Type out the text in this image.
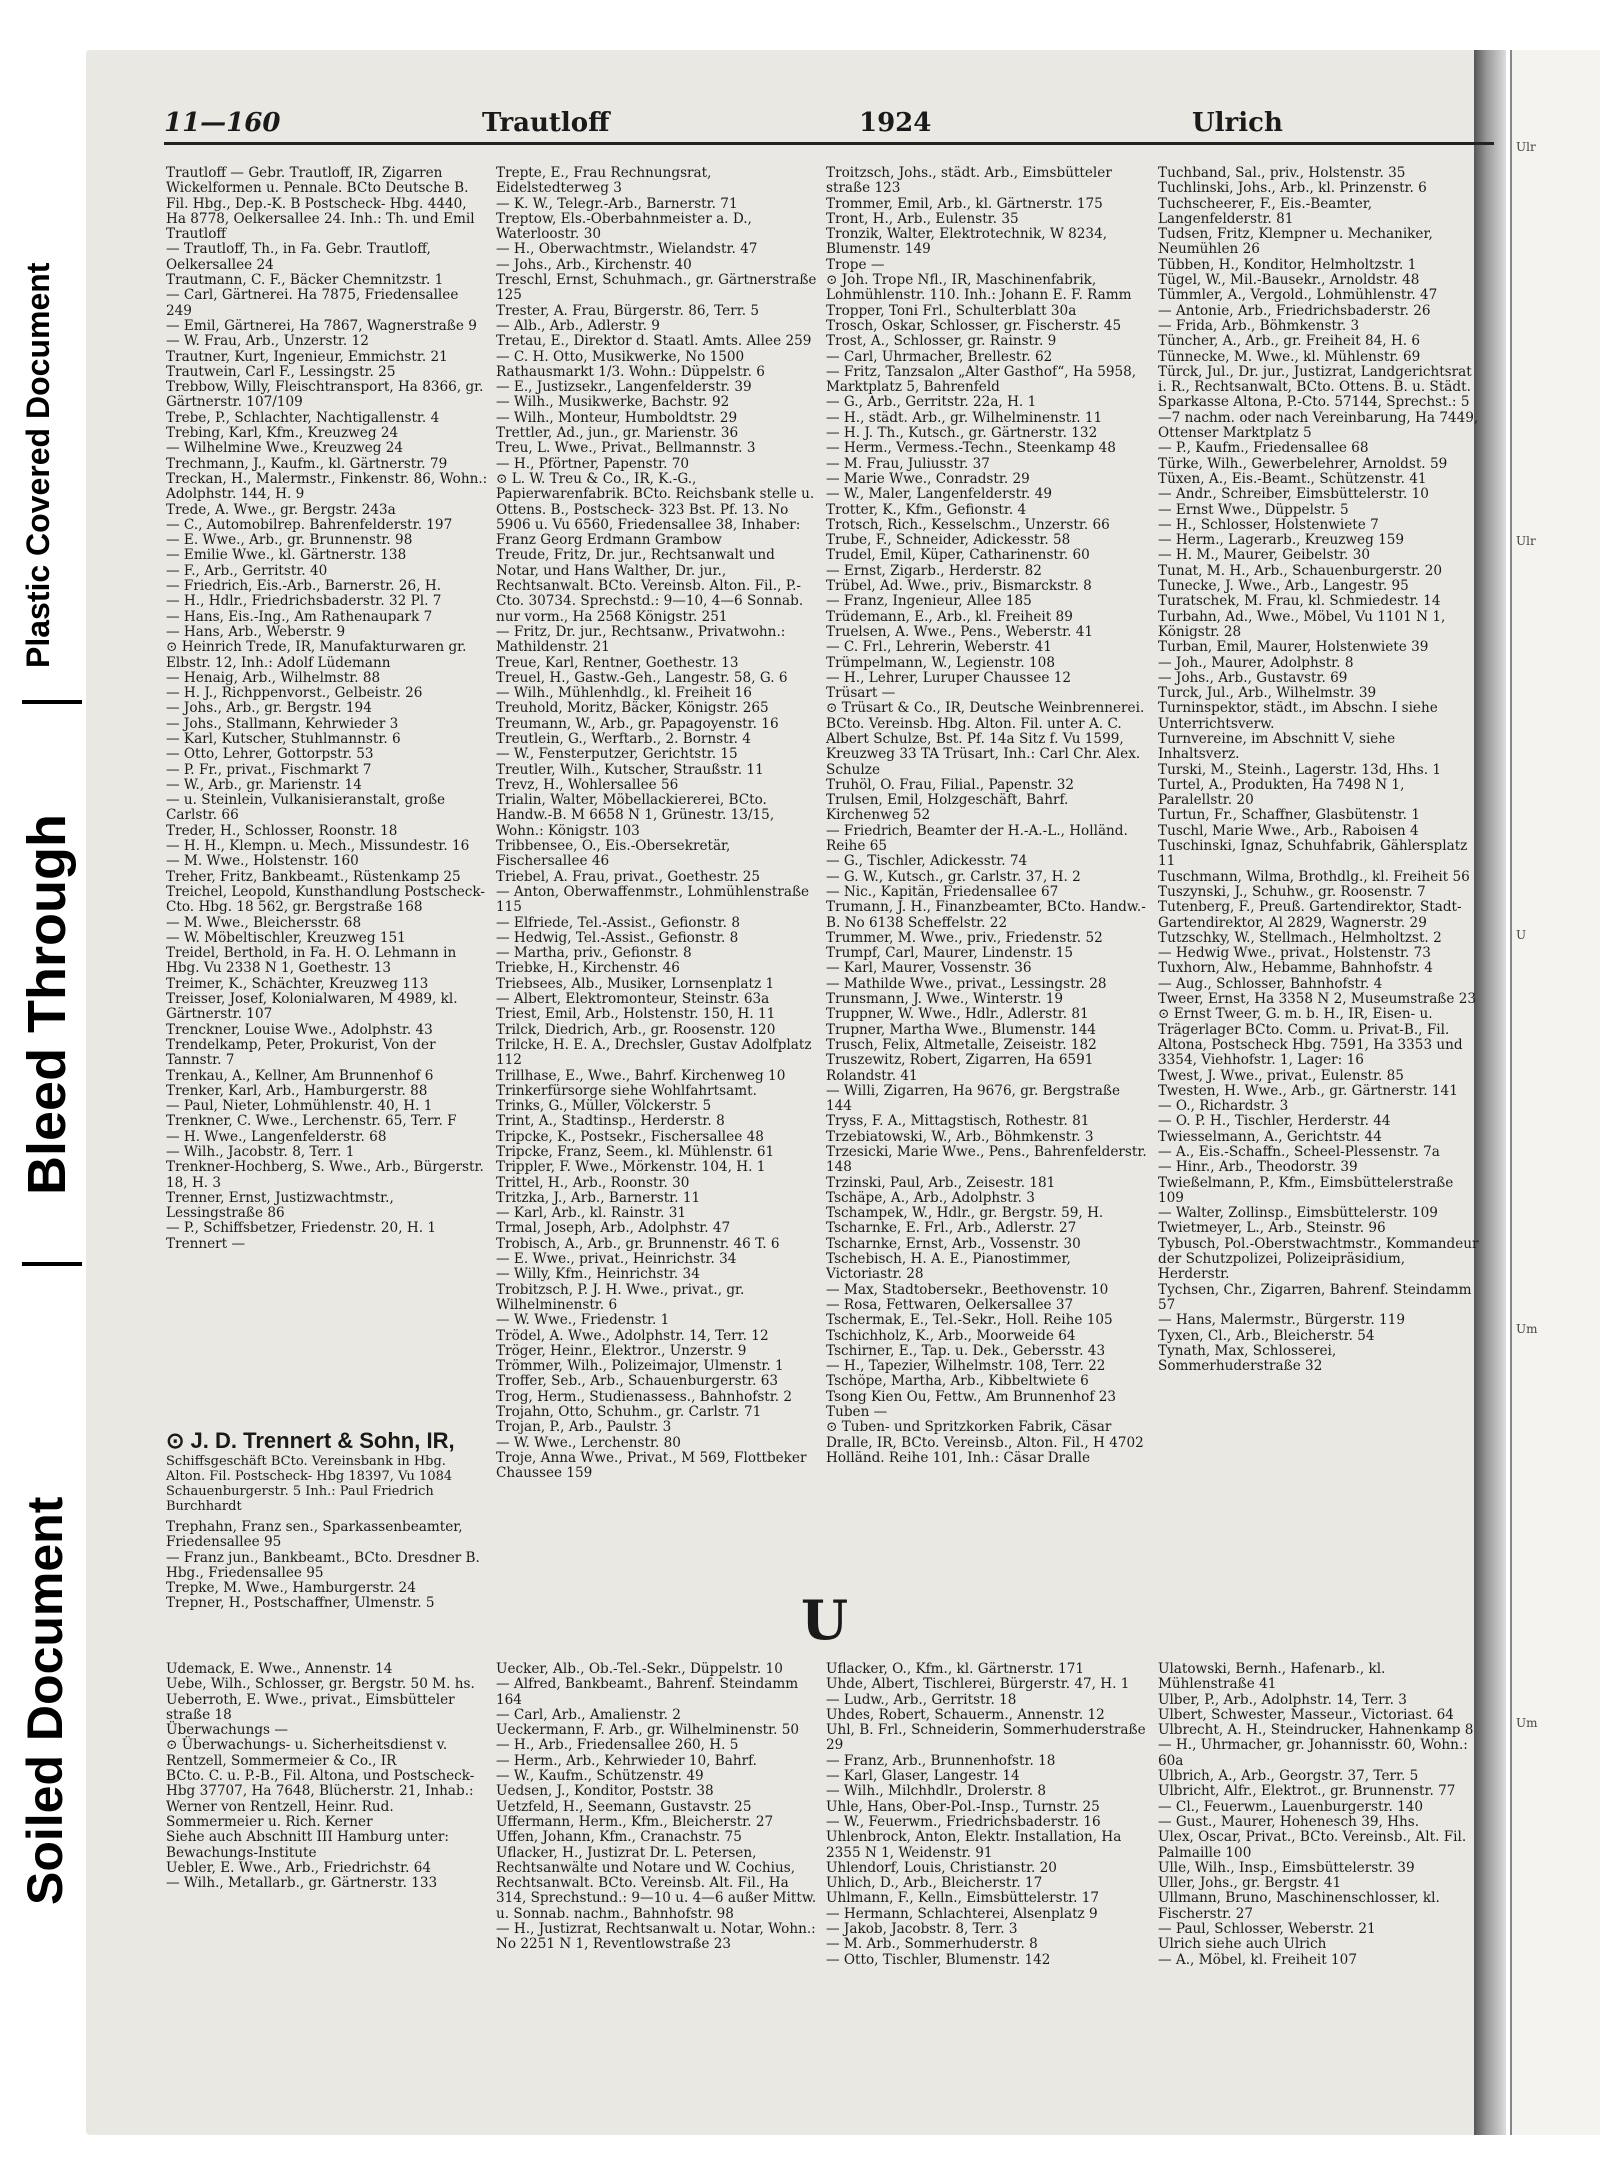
Soiled Document
Bleed Through
Plastic Covered Document
11—160	Trautloff	1924	Ulrich

Trautloff — Gebr. Trautloff, IR, Zigarren Wickelformen u. Pennale. BCto Deutsche B. Fil. Hbg., Dep.-K. B Postscheck- Hbg. 4440, Ha 8778, Oelkersallee 24. Inh.: Th. und Emil Trautloff

— Trautloff, Th., in Fa. Gebr. Trautloff, Oelkersallee 24

Trautmann, C. F., Bäcker Chemnitzstr. 1

— Carl, Gärtnerei. Ha 7875, Friedensallee 249

— Emil, Gärtnerei, Ha 7867, Wagnerstraße 9

— W. Frau, Arb., Unzerstr. 12

Trautner, Kurt, Ingenieur, Emmichstr. 21

Trautwein, Carl F., Lessingstr. 25

Trebbow, Willy, Fleischtransport, Ha 8366, gr. Gärtnerstr. 107/109

Trebe, P., Schlachter, Nachtigallenstr. 4

Trebing, Karl, Kfm., Kreuzweg 24

— Wilhelmine Wwe., Kreuzweg 24

Trechmann, J., Kaufm., kl. Gärtnerstr. 79

Treckan, H., Malermstr., Finkenstr. 86, Wohn.: Adolphstr. 144, H. 9

Trede, A. Wwe., gr. Bergstr. 243a

— C., Automobilrep. Bahrenfelderstr. 197

— E. Wwe., Arb., gr. Brunnenstr. 98

— Emilie Wwe., kl. Gärtnerstr. 138

— F., Arb., Gerritstr. 40

— Friedrich, Eis.-Arb., Barnerstr. 26, H.

— H., Hdlr., Friedrichsbaderstr. 32 Pl. 7

— Hans, Eis.-Ing., Am Rathenaupark 7

— Hans, Arb., Weberstr. 9

⊙ Heinrich Trede, IR, Manufakturwaren gr. Elbstr. 12, Inh.: Adolf Lüdemann

— Henaig, Arb., Wilhelmstr. 88

— H. J., Richppenvorst., Gelbeistr. 26

— Johs., Arb., gr. Bergstr. 194

— Johs., Stallmann, Kehrwieder 3

— Karl, Kutscher, Stuhlmannstr. 6

— Otto, Lehrer, Gottorpstr. 53

— P. Fr., privat., Fischmarkt 7

— W., Arb., gr. Marienstr. 14

— u. Steinlein, Vulkanisieranstalt, große Carlstr. 66

Treder, H., Schlosser, Roonstr. 18

— H. H., Klempn. u. Mech., Missundestr. 16

— M. Wwe., Holstenstr. 160

Treher, Fritz, Bankbeamt., Rüstenkamp 25

Treichel, Leopold, Kunsthandlung Postscheck-Cto. Hbg. 18 562, gr. Bergstraße 168

— M. Wwe., Bleichersstr. 68

— W. Möbeltischler, Kreuzweg 151

Treidel, Berthold, in Fa. H. O. Lehmann in Hbg. Vu 2338 N 1, Goethestr. 13

Treimer, K., Schächter, Kreuzweg 113

Treisser, Josef, Kolonialwaren, M 4989, kl. Gärtnerstr. 107

Trenckner, Louise Wwe., Adolphstr. 43

Trendelkamp, Peter, Prokurist, Von der Tannstr. 7

Trenkau, A., Kellner, Am Brunnenhof 6

Trenker, Karl, Arb., Hamburgerstr. 88

— Paul, Nieter, Lohmühlenstr. 40, H. 1

Trenkner, C. Wwe., Lerchenstr. 65, Terr. F

— H. Wwe., Langenfelderstr. 68

— Wilh., Jacobstr. 8, Terr. 1

Trenkner-Hochberg, S. Wwe., Arb., Bürgerstr. 18, H. 3

Trenner, Ernst, Justizwachtmstr., Lessingstraße 86

— P., Schiffsbetzer, Friedenstr. 20, H. 1

Trennert —

Trepte, E., Frau Rechnungsrat, Eidelstedterweg 3

— K. W., Telegr.-Arb., Barnerstr. 71

Treptow, Els.-Oberbahnmeister a. D., Waterloostr. 30

— H., Oberwachtmstr., Wielandstr. 47

— Johs., Arb., Kirchenstr. 40

Treschl, Ernst, Schuhmach., gr. Gärtnerstraße 125

Trester, A. Frau, Bürgerstr. 86, Terr. 5

— Alb., Arb., Adlerstr. 9

Tretau, E., Direktor d. Staatl. Amts. Allee 259

— C. H. Otto, Musikwerke, No 1500 Rathausmarkt 1/3. Wohn.: Düppelstr. 6

— E., Justizsekr., Langenfelderstr. 39

— Wilh., Musikwerke, Bachstr. 92

— Wilh., Monteur, Humboldtstr. 29

Trettler, Ad., jun., gr. Marienstr. 36

Treu, L. Wwe., Privat., Bellmannstr. 3

— H., Pförtner, Papenstr. 70

⊙ L. W. Treu & Co., IR, K.-G., Papierwarenfabrik. BCto. Reichsbank stelle u. Ottens. B., Postscheck- 323 Bst. Pf. 13. No 5906 u. Vu 6560, Friedensallee 38, Inhaber: Franz Georg Erdmann Grambow

Treude, Fritz, Dr. jur., Rechtsanwalt und Notar, und Hans Walther, Dr. jur., Rechtsanwalt. BCto. Vereinsb. Alton. Fil., P.-Cto. 30734. Sprechstd.: 9—10, 4—6 Sonnab. nur vorm., Ha 2568 Königstr. 251

— Fritz, Dr. jur., Rechtsanw., Privatwohn.: Mathildenstr. 21

Treue, Karl, Rentner, Goethestr. 13

Treuel, H., Gastw.-Geh., Langestr. 58, G. 6

— Wilh., Mühlenhdlg., kl. Freiheit 16

Treuhold, Moritz, Bäcker, Königstr. 265

Treumann, W., Arb., gr. Papagoyenstr. 16

Treutlein, G., Werftarb., 2. Bornstr. 4

— W., Fensterputzer, Gerichtstr. 15

Treutler, Wilh., Kutscher, Straußstr. 11

Trevz, H., Wohlersallee 56

Trialin, Walter, Möbellackiererei, BCto. Handw.-B. M 6658 N 1, Grünestr. 13/15, Wohn.: Königstr. 103

Tribbensee, O., Eis.-Obersekretär, Fischersallee 46

Triebel, A. Frau, privat., Goethestr. 25

— Anton, Oberwaffenmstr., Lohmühlenstraße 115

— Elfriede, Tel.-Assist., Gefionstr. 8

— Hedwig, Tel.-Assist., Gefionstr. 8

— Martha, priv., Gefionstr. 8

Triebke, H., Kirchenstr. 46

Triebsees, Alb., Musiker, Lornsenplatz 1

— Albert, Elektromonteur, Steinstr. 63a

Triest, Emil, Arb., Holstenstr. 150, H. 11

Trilck, Diedrich, Arb., gr. Roosenstr. 120

Trilcke, H. E. A., Drechsler, Gustav Adolfplatz 112

Trillhase, E., Wwe., Bahrf. Kirchenweg 10

Trinkerfürsorge siehe Wohlfahrtsamt.

Trinks, G., Müller, Völckerstr. 5

Trint, A., Stadtinsp., Herderstr. 8

Tripcke, K., Postsekr., Fischersallee 48

Tripcke, Franz, Seem., kl. Mühlenstr. 61

Trippler, F. Wwe., Mörkenstr. 104, H. 1

Trittel, H., Arb., Roonstr. 30

Tritzka, J., Arb., Barnerstr. 11

— Karl, Arb., kl. Rainstr. 31

Trmal, Joseph, Arb., Adolphstr. 47

Trobisch, A., Arb., gr. Brunnenstr. 46 T. 6

— E. Wwe., privat., Heinrichstr. 34

— Willy, Kfm., Heinrichstr. 34

Trobitzsch, P. J. H. Wwe., privat., gr. Wilhelminenstr. 6

— W. Wwe., Friedenstr. 1

Trödel, A. Wwe., Adolphstr. 14, Terr. 12

Tröger, Heinr., Elektror., Unzerstr. 9

Trömmer, Wilh., Polizeimajor, Ulmenstr. 1

Troffer, Seb., Arb., Schauenburgerstr. 63

Trog, Herm., Studienassess., Bahnhofstr. 2

Trojahn, Otto, Schuhm., gr. Carlstr. 71

Trojan, P., Arb., Paulstr. 3

— W. Wwe., Lerchenstr. 80

Troje, Anna Wwe., Privat., M 569, Flottbeker Chaussee 159

Troitzsch, Johs., städt. Arb., Eimsbütteler straße 123

Trommer, Emil, Arb., kl. Gärtnerstr. 175

Tront, H., Arb., Eulenstr. 35

Tronzik, Walter, Elektrotechnik, W 8234, Blumenstr. 149

Trope —

⊙ Joh. Trope Nfl., IR, Maschinenfabrik, Lohmühlenstr. 110. Inh.: Johann E. F. Ramm

Tropper, Toni Frl., Schulterblatt 30a

Trosch, Oskar, Schlosser, gr. Fischerstr. 45

Trost, A., Schlosser, gr. Rainstr. 9

— Carl, Uhrmacher, Brellestr. 62

— Fritz, Tanzsalon „Alter Gasthof“, Ha 5958, Marktplatz 5, Bahrenfeld

— G., Arb., Gerritstr. 22a, H. 1

— H., städt. Arb., gr. Wilhelminenstr. 11

— H. J. Th., Kutsch., gr. Gärtnerstr. 132

— Herm., Vermess.-Techn., Steenkamp 48

— M. Frau, Juliusstr. 37

— Marie Wwe., Conradstr. 29

— W., Maler, Langenfelderstr. 49

Trotter, K., Kfm., Gefionstr. 4

Trotsch, Rich., Kesselschm., Unzerstr. 66

Trube, F., Schneider, Adickesstr. 58

Trudel, Emil, Küper, Catharinenstr. 60

— Ernst, Zigarb., Herderstr. 82

Trübel, Ad. Wwe., priv., Bismarckstr. 8

— Franz, Ingenieur, Allee 185

Trüdemann, E., Arb., kl. Freiheit 89

Truelsen, A. Wwe., Pens., Weberstr. 41

— C. Frl., Lehrerin, Weberstr. 41

Trümpelmann, W., Legienstr. 108

— H., Lehrer, Luruper Chaussee 12

Trüsart —

⊙ Trüsart & Co., IR, Deutsche Weinbrennerei. BCto. Vereinsb. Hbg. Alton. Fil. unter A. C. Albert Schulze, Bst. Pf. 14a Sitz f. Vu 1599, Kreuzweg 33 TA Trüsart, Inh.: Carl Chr. Alex. Schulze

Truhöl, O. Frau, Filial., Papenstr. 32

Trulsen, Emil, Holzgeschäft, Bahrf. Kirchenweg 52

— Friedrich, Beamter der H.-A.-L., Holländ. Reihe 65

— G., Tischler, Adickesstr. 74

— G. W., Kutsch., gr. Carlstr. 37, H. 2

— Nic., Kapitän, Friedensallee 67

Trumann, J. H., Finanzbeamter, BCto. Handw.-B. No 6138 Scheffelstr. 22

Trummer, M. Wwe., priv., Friedenstr. 52

Trumpf, Carl, Maurer, Lindenstr. 15

— Karl, Maurer, Vossenstr. 36

— Mathilde Wwe., privat., Lessingstr. 28

Trunsmann, J. Wwe., Winterstr. 19

Truppner, W. Wwe., Hdlr., Adlerstr. 81

Trupner, Martha Wwe., Blumenstr. 144

Trusch, Felix, Altmetalle, Zeiseistr. 182

Truszewitz, Robert, Zigarren, Ha 6591 Rolandstr. 41

— Willi, Zigarren, Ha 9676, gr. Bergstraße 144

Tryss, F. A., Mittagstisch, Rothestr. 81

Trzebiatowski, W., Arb., Böhmkenstr. 3

Trzesicki, Marie Wwe., Pens., Bahrenfelderstr. 148

Trzinski, Paul, Arb., Zeisestr. 181

Tschäpe, A., Arb., Adolphstr. 3

Tschampek, W., Hdlr., gr. Bergstr. 59, H.

Tscharnke, E. Frl., Arb., Adlerstr. 27

Tscharnke, Ernst, Arb., Vossenstr. 30

Tschebisch, H. A. E., Pianostimmer, Victoriastr. 28

— Max, Stadtobersekr., Beethovenstr. 10

— Rosa, Fettwaren, Oelkersallee 37

Tschermak, E., Tel.-Sekr., Holl. Reihe 105

Tschichholz, K., Arb., Moorweide 64

Tschirner, E., Tap. u. Dek., Gebersstr. 43

— H., Tapezier, Wilhelmstr. 108, Terr. 22

Tschöpe, Martha, Arb., Kibbeltwiete 6

Tsong Kien Ou, Fettw., Am Brunnenhof 23

Tuben —

⊙ Tuben- und Spritzkorken Fabrik, Cäsar Dralle, IR, BCto. Vereinsb., Alton. Fil., H 4702 Holländ. Reihe 101, Inh.: Cäsar Dralle

Tuchband, Sal., priv., Holstenstr. 35

Tuchlinski, Johs., Arb., kl. Prinzenstr. 6

Tuchscheerer, F., Eis.-Beamter, Langenfelderstr. 81

Tudsen, Fritz, Klempner u. Mechaniker, Neumühlen 26

Tübben, H., Konditor, Helmholtzstr. 1

Tügel, W., Mil.-Bausekr., Arnoldstr. 48

Tümmler, A., Vergold., Lohmühlenstr. 47

— Antonie, Arb., Friedrichsbaderstr. 26

— Frida, Arb., Böhmkenstr. 3

Tüncher, A., Arb., gr. Freiheit 84, H. 6

Tünnecke, M. Wwe., kl. Mühlenstr. 69

Türck, Jul., Dr. jur., Justizrat, Landgerichtsrat i. R., Rechtsanwalt, BCto. Ottens. B. u. Städt. Sparkasse Altona, P.-Cto. 57144, Sprechst.: 5—7 nachm. oder nach Vereinbarung, Ha 7449, Ottenser Marktplatz 5

— P., Kaufm., Friedensallee 68

Türke, Wilh., Gewerbelehrer, Arnoldst. 59

Tüxen, A., Eis.-Beamt., Schützenstr. 41

— Andr., Schreiber, Eimsbüttelerstr. 10

— Ernst Wwe., Düppelstr. 5

— H., Schlosser, Holstenwiete 7

— Herm., Lagerarb., Kreuzweg 159

— H. M., Maurer, Geibelstr. 30

Tunat, M. H., Arb., Schauenburgerstr. 20

Tunecke, J. Wwe., Arb., Langestr. 95

Turatschek, M. Frau, kl. Schmiedestr. 14

Turbahn, Ad., Wwe., Möbel, Vu 1101 N 1, Königstr. 28

Turban, Emil, Maurer, Holstenwiete 39

— Joh., Maurer, Adolphstr. 8

— Johs., Arb., Gustavstr. 69

Turck, Jul., Arb., Wilhelmstr. 39

Turninspektor, städt., im Abschn. I siehe Unterrichtsverw.

Turnvereine, im Abschnitt V, siehe Inhaltsverz.

Turski, M., Steinh., Lagerstr. 13d, Hhs. 1

Turtel, A., Produkten, Ha 7498 N 1, Paralellstr. 20

Turtun, Fr., Schaffner, Glasbütenstr. 1

Tuschl, Marie Wwe., Arb., Raboisen 4

Tuschinski, Ignaz, Schuhfabrik, Gählersplatz 11

Tuschmann, Wilma, Brothdlg., kl. Freiheit 56

Tuszynski, J., Schuhw., gr. Roosenstr. 7

Tutenberg, F., Preuß. Gartendirektor, Stadt-Gartendirektor, Al 2829, Wagnerstr. 29

Tutzschky, W., Stellmach., Helmholtzst. 2

— Hedwig Wwe., privat., Holstenstr. 73

Tuxhorn, Alw., Hebamme, Bahnhofstr. 4

— Aug., Schlosser, Bahnhofstr. 4

Tweer, Ernst, Ha 3358 N 2, Museumstraße 23

⊙ Ernst Tweer, G. m. b. H., IR, Eisen- u. Trägerlager BCto. Comm. u. Privat-B., Fil. Altona, Postscheck Hbg. 7591, Ha 3353 und 3354, Viehhofstr. 1, Lager: 16

Twest, J. Wwe., privat., Eulenstr. 85

Twesten, H. Wwe., Arb., gr. Gärtnerstr. 141

— O., Richardstr. 3

— O. P. H., Tischler, Herderstr. 44

Twiesselmann, A., Gerichtstr. 44

— A., Eis.-Schaffn., Scheel-Plessenstr. 7a

— Hinr., Arb., Theodorstr. 39

Twießelmann, P., Kfm., Eimsbüttelerstraße 109

— Walter, Zollinsp., Eimsbüttelerstr. 109

Twietmeyer, L., Arb., Steinstr. 96

Tybusch, Pol.-Oberstwachtmstr., Kommandeur der Schutzpolizei, Polizeipräsidium, Herderstr.

Tychsen, Chr., Zigarren, Bahrenf. Steindamm 57

— Hans, Malermstr., Bürgerstr. 119

Tyxen, Cl., Arb., Bleicherstr. 54

Tynath, Max, Schlosserei, Sommerhuderstraße 32

⊙ J. D. Trennert & Sohn, IR,

Schiffsgeschäft BCto. Vereinsbank in Hbg. Alton. Fil. Postscheck- Hbg 18397, Vu 1084 Schauenburgerstr. 5 Inh.: Paul Friedrich Burchhardt

Trephahn, Franz sen., Sparkassenbeamter, Friedensallee 95

— Franz jun., Bankbeamt., BCto. Dresdner B. Hbg., Friedensallee 95

Trepke, M. Wwe., Hamburgerstr. 24

Trepner, H., Postschaffner, Ulmenstr. 5	U

Udemack, E. Wwe., Annenstr. 14

Uebe, Wilh., Schlosser, gr. Bergstr. 50 M. hs.

Ueberroth, E. Wwe., privat., Eimsbütteler straße 18

Überwachungs —

⊙ Überwachungs- u. Sicherheitsdienst v. Rentzell, Sommermeier & Co., IR

BCto. C. u. P.-B., Fil. Altona, und Postscheck- Hbg 37707, Ha 7648, Blücherstr. 21, Inhab.: Werner von Rentzell, Heinr. Rud. Sommermeier u. Rich. Kerner

Siehe auch Abschnitt III Hamburg unter: Bewachungs-Institute

Uebler, E. Wwe., Arb., Friedrichstr. 64

— Wilh., Metallarb., gr. Gärtnerstr. 133

Uecker, Alb., Ob.-Tel.-Sekr., Düppelstr. 10

— Alfred, Bankbeamt., Bahrenf. Steindamm 164

— Carl, Arb., Amalienstr. 2

Ueckermann, F. Arb., gr. Wilhelminenstr. 50

— H., Arb., Friedensallee 260, H. 5

— Herm., Arb., Kehrwieder 10, Bahrf.

— W., Kaufm., Schützenstr. 49

Uedsen, J., Konditor, Poststr. 38

Uetzfeld, H., Seemann, Gustavstr. 25

Uffermann, Herm., Kfm., Bleicherstr. 27

Uffen, Johann, Kfm., Cranachstr. 75

Uflacker, H., Justizrat Dr. L. Petersen, Rechtsanwälte und Notare und W. Cochius, Rechtsanwalt. BCto. Vereinsb. Alt. Fil., Ha 314, Sprechstund.: 9—10 u. 4—6 außer Mittw. u. Sonnab. nachm., Bahnhofstr. 98

— H., Justizrat, Rechtsanwalt u. Notar, Wohn.: No 2251 N 1, Reventlowstraße 23

Uflacker, O., Kfm., kl. Gärtnerstr. 171

Uhde, Albert, Tischlerei, Bürgerstr. 47, H. 1

— Ludw., Arb., Gerritstr. 18

Uhdes, Robert, Schauerm., Annenstr. 12

Uhl, B. Frl., Schneiderin, Sommerhuderstraße 29

— Franz, Arb., Brunnenhofstr. 18

— Karl, Glaser, Langestr. 14

— Wilh., Milchhdlr., Drolerstr. 8

Uhle, Hans, Ober-Pol.-Insp., Turnstr. 25

— W., Feuerwm., Friedrichsbaderstr. 16

Uhlenbrock, Anton, Elektr. Installation, Ha 2355 N 1, Weidenstr. 91

Uhlendorf, Louis, Christianstr. 20

Uhlich, D., Arb., Bleicherstr. 17

Uhlmann, F., Kelln., Eimsbüttelerstr. 17

— Hermann, Schlachterei, Alsenplatz 9

— Jakob, Jacobstr. 8, Terr. 3

— M. Arb., Sommerhuderstr. 8

— Otto, Tischler, Blumenstr. 142

Ulatowski, Bernh., Hafenarb., kl. Mühlenstraße 41

Ulber, P., Arb., Adolphstr. 14, Terr. 3

Ulbert, Schwester, Masseur., Victoriast. 64

Ulbrecht, A. H., Steindrucker, Hahnenkamp 8

— H., Uhrmacher, gr. Johannisstr. 60, Wohn.: 60a

Ulbrich, A., Arb., Georgstr. 37, Terr. 5

Ulbricht, Alfr., Elektrot., gr. Brunnenstr. 77

— Cl., Feuerwm., Lauenburgerstr. 140

— Gust., Maurer, Hohenesch 39, Hhs.

Ulex, Oscar, Privat., BCto. Vereinsb., Alt. Fil. Palmaille 100

Ulle, Wilh., Insp., Eimsbüttelerstr. 39

Uller, Johs., gr. Bergstr. 41

Ullmann, Bruno, Maschinenschlosser, kl. Fischerstr. 27

— Paul, Schlosser, Weberstr. 21

Ulrich siehe auch Ulrich

— A., Möbel, kl. Freiheit 107

Ulr
Ulr
U
Um
Um
